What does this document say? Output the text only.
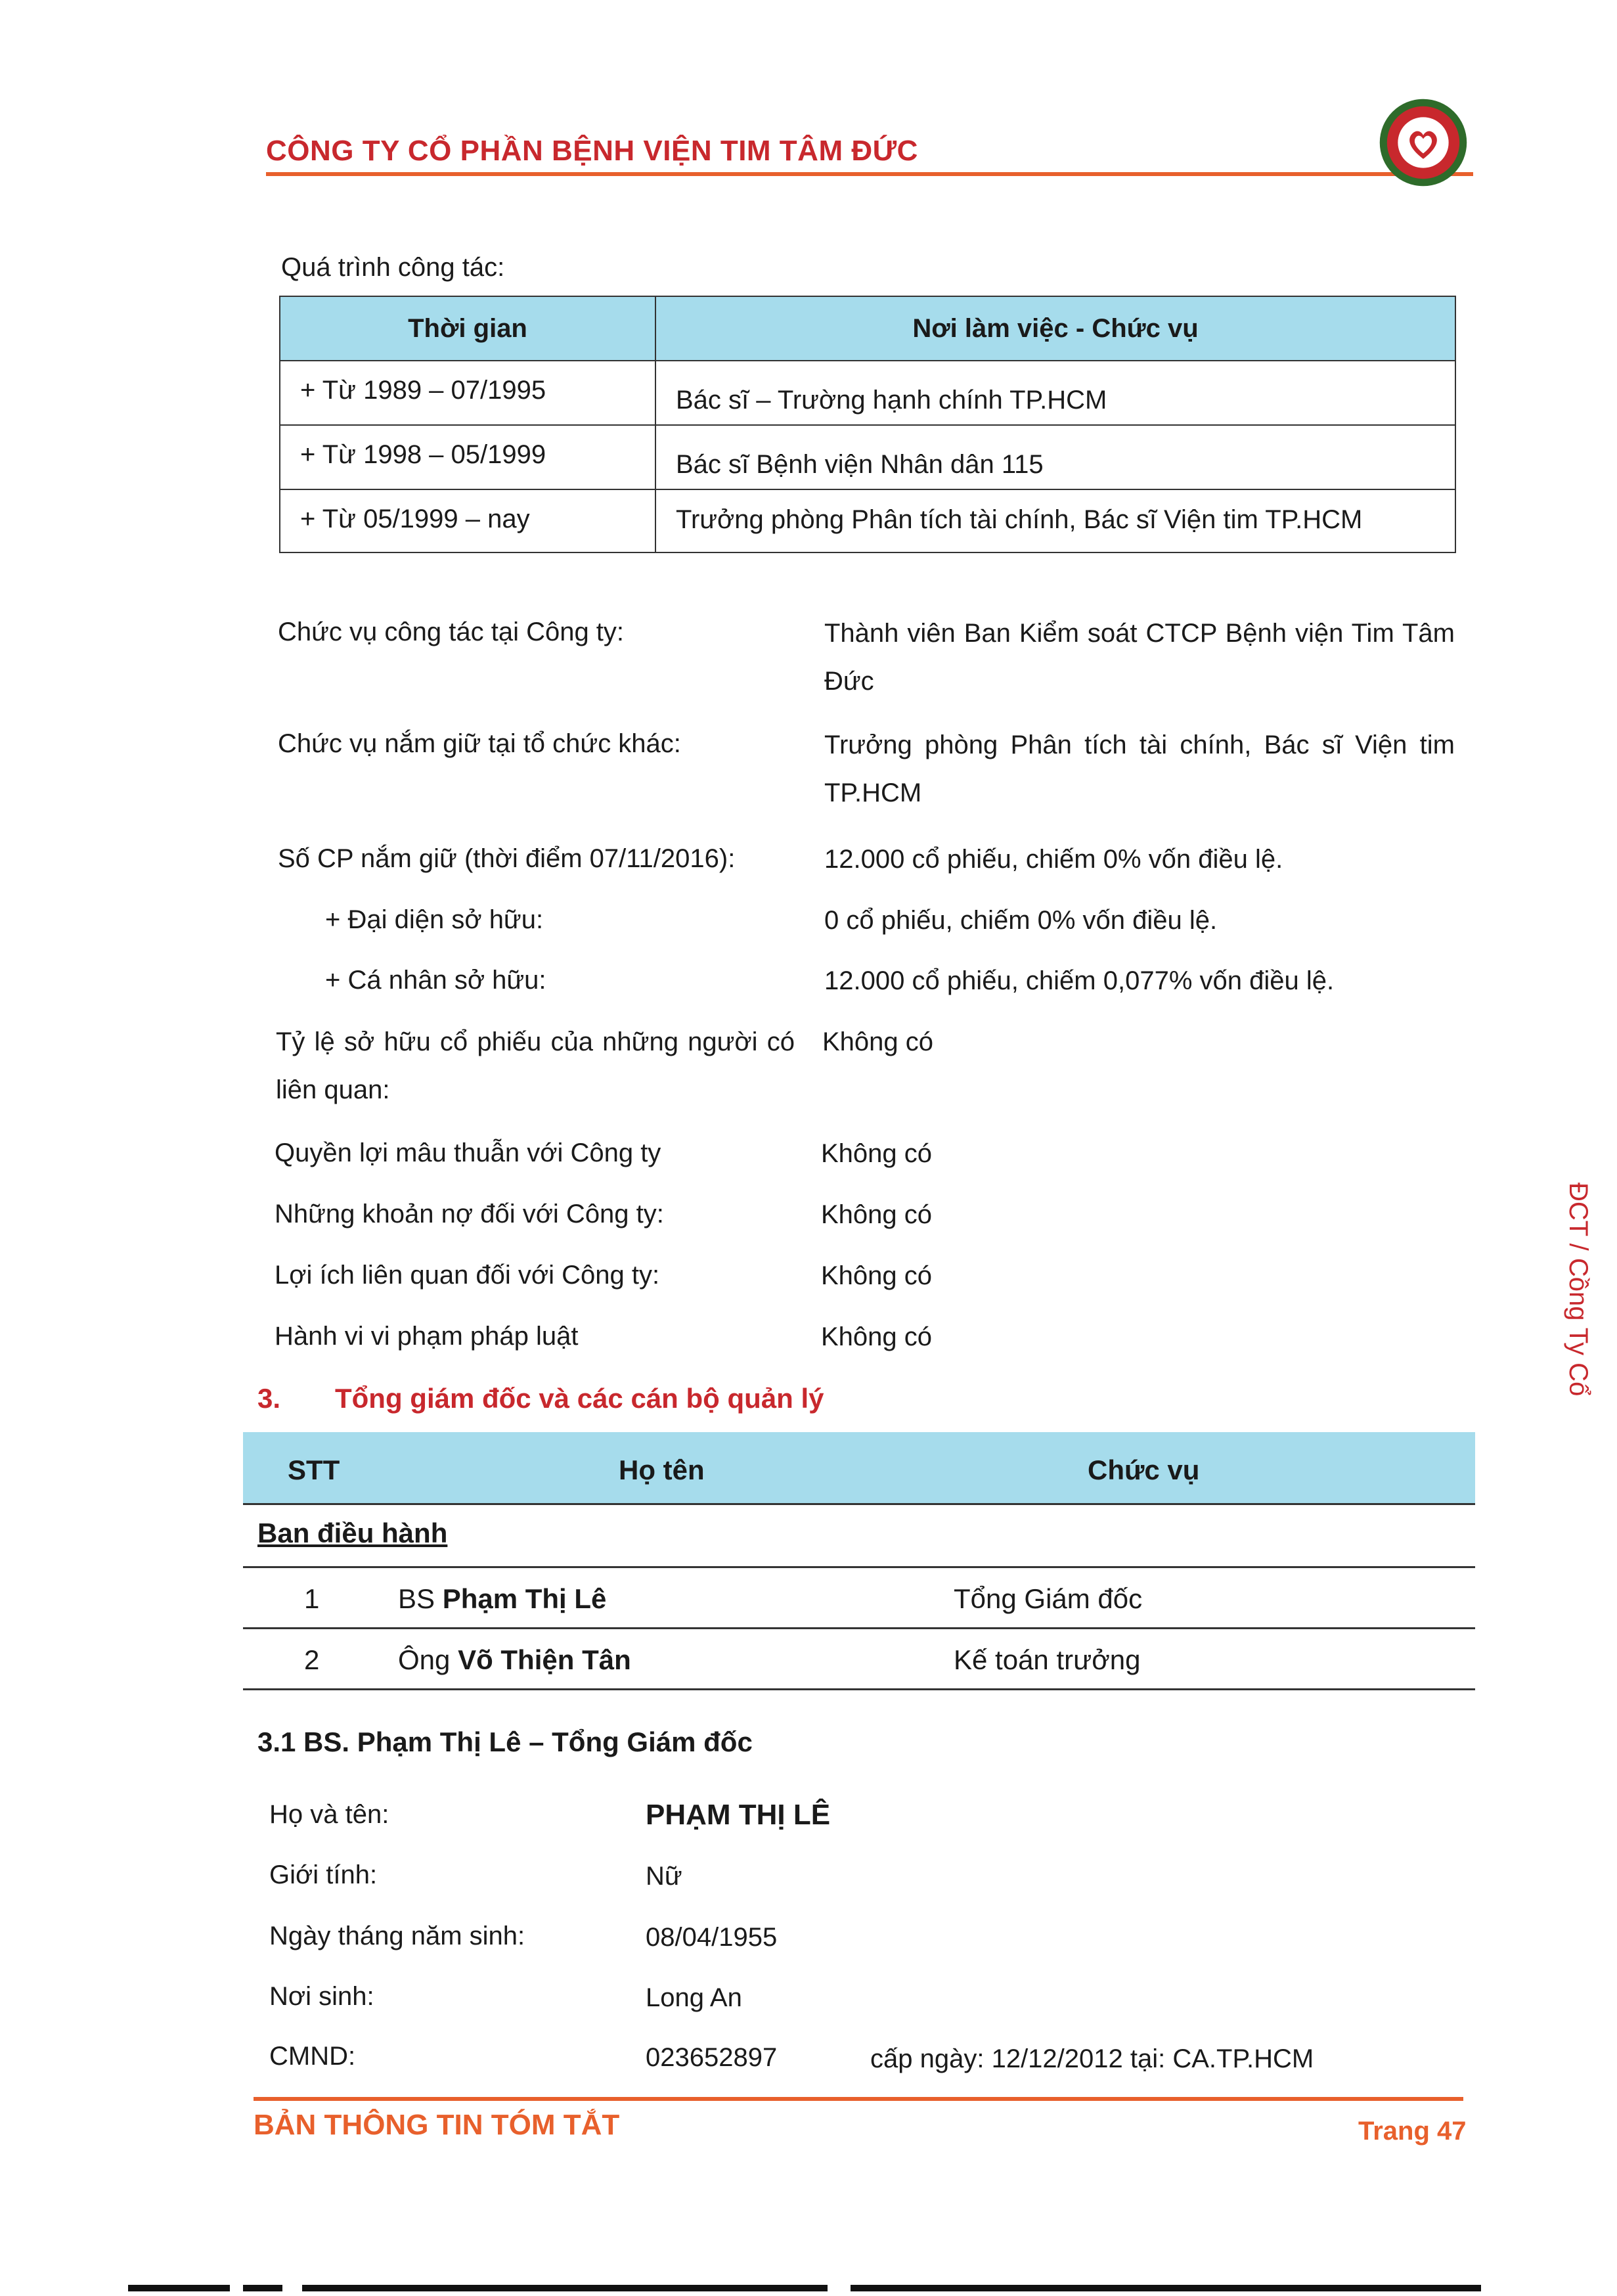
CÔNG TY CỔ PHẦN BỆNH VIỆN TIM TÂM ĐỨC
Quá trình công tác:
Thời gian	Nơi làm việc - Chức vụ
+ Từ 1989 – 07/1995	Bác sĩ – Trường hạnh chính TP.HCM
+ Từ 1998 – 05/1999	Bác sĩ Bệnh viện Nhân dân 115
+ Từ 05/1999 – nay	Trưởng phòng Phân tích tài chính, Bác sĩ Viện tim TP.HCM
Chức vụ công tác tại Công ty:	Thành viên Ban Kiểm soát CTCP Bệnh viện Tim Tâm Đức
Chức vụ nắm giữ tại tổ chức khác:	Trưởng phòng Phân tích tài chính, Bác sĩ Viện tim TP.HCM
Số CP nắm giữ (thời điểm 07/11/2016):	12.000 cổ phiếu, chiếm 0% vốn điều lệ.
+ Đại diện sở hữu:	0 cổ phiếu, chiếm 0% vốn điều lệ.
+ Cá nhân sở hữu:	12.000 cổ phiếu, chiếm 0,077% vốn điều lệ.
Tỷ lệ sở hữu cổ phiếu của những người có liên quan:
Không có
Quyền lợi mâu thuẫn với Công ty	Không có
Những khoản nợ đối với Công ty:	Không có
Lợi ích liên quan đối với Công ty:	Không có
Hành vi vi phạm pháp luật	Không có
3. Tổng giám đốc và các cán bộ quản lý
STT	Họ tên	Chức vụ
Ban điều hành
1	BS Phạm Thị Lê	Tổng Giám đốc
2	Ông Võ Thiện Tân	Kế toán trưởng
3.1 BS. Phạm Thị Lê – Tổng Giám đốc
Họ và tên:	PHẠM THỊ LÊ
Giới tính:	Nữ
Ngày tháng năm sinh:	08/04/1955
Nơi sinh:	Long An
CMND:	023652897	cấp ngày: 12/12/2012 tại: CA.TP.HCM
BẢN THÔNG TIN TÓM TẮT	Trang 47
ĐCT / Cồng Ty Cổ
